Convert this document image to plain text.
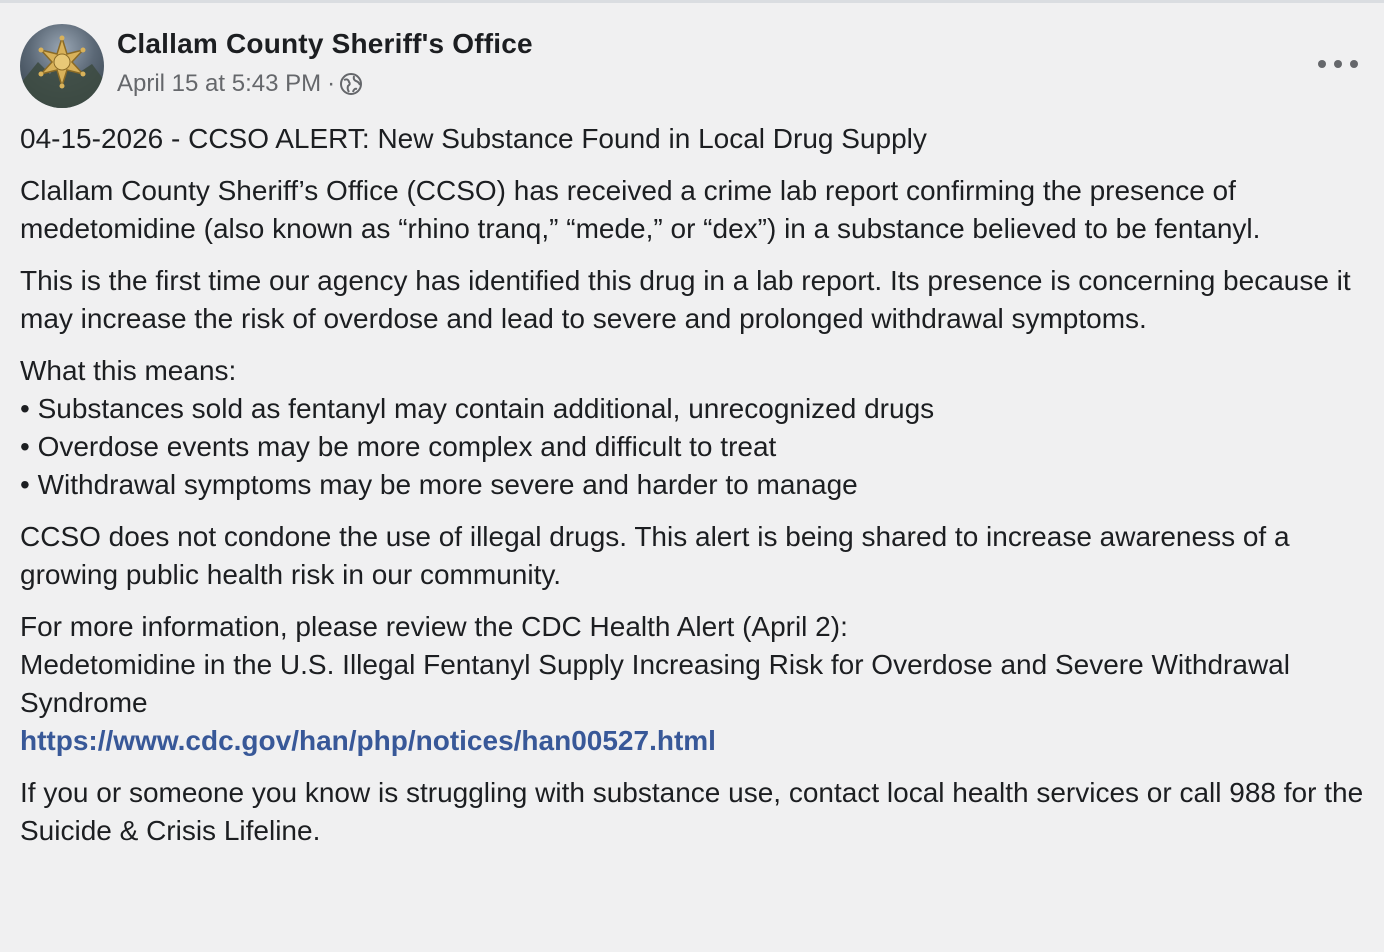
Clallam County Sheriff's Office
April 15 at 5:43 PM ·

04-15-2026 - CCSO ALERT: New Substance Found in Local Drug Supply

Clallam County Sheriff’s Office (CCSO) has received a crime lab report confirming the presence of medetomidine (also known as “rhino tranq,” “mede,” or “dex”) in a substance believed to be fentanyl.

This is the first time our agency has identified this drug in a lab report. Its presence is concerning because it may increase the risk of overdose and lead to severe and prolonged withdrawal symptoms.

What this means:
• Substances sold as fentanyl may contain additional, unrecognized drugs
• Overdose events may be more complex and difficult to treat
• Withdrawal symptoms may be more severe and harder to manage

CCSO does not condone the use of illegal drugs. This alert is being shared to increase awareness of a growing public health risk in our community.

For more information, please review the CDC Health Alert (April 2):
Medetomidine in the U.S. Illegal Fentanyl Supply Increasing Risk for Overdose and Severe Withdrawal Syndrome
https://www.cdc.gov/han/php/notices/han00527.html

If you or someone you know is struggling with substance use, contact local health services or call 988 for the Suicide & Crisis Lifeline.
